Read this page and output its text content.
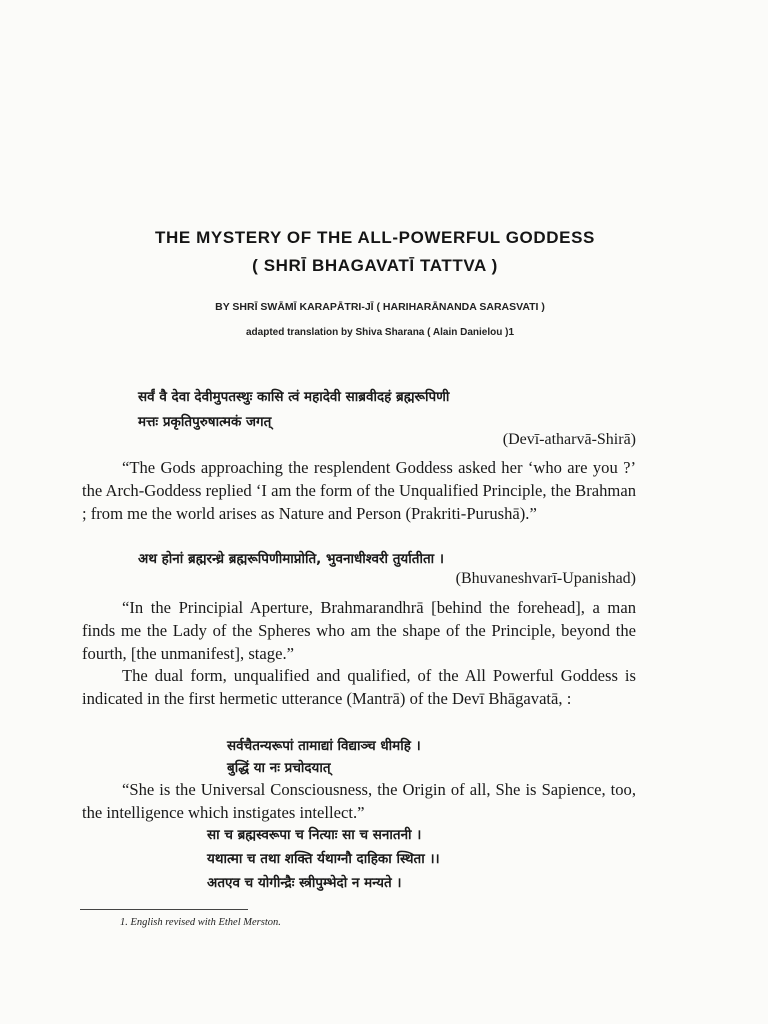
THE MYSTERY OF THE ALL-POWERFUL GODDESS
( SHRĪ BHAGAVATĪ TATTVA )
BY SHRĪ SWĀMĪ KARAPĀTRI-JĪ ( HARIHARĀNANDA SARASVATI )
adapted translation by Shiva Sharana ( Alain Danielou )1
सर्वं वै देवा देवीमुपतस्थुः कासि त्वं महादेवी साब्रवीदहं ब्रह्मरूपिणी
मत्तः प्रकृतिपुरुषात्मकं जगत्
(Devī-atharvā-Shirā)
“The Gods approaching the resplendent Goddess asked her ‘who are you ?’ the Arch-Goddess replied ‘I am the form of the Unqualified Principle, the Brahman ; from me the world arises as Nature and Person (Prakriti-Purushā).”
अथ होनां ब्रह्मरन्ध्रे ब्रह्मरूपिणीमाप्नोति, भुवनाधीश्वरी तुर्यातीता ।
(Bhuvaneshvarī-Upanishad)
“In the Principial Aperture, Brahmarandhrā [behind the forehead], a man finds me the Lady of the Spheres who am the shape of the Principle, beyond the fourth, [the unmanifest], stage.”
The dual form, unqualified and qualified, of the All Powerful Goddess is indicated in the first hermetic utterance (Mantrā) of the Devī Bhāgavatā, :
सर्वचैतन्यरूपां तामाद्यां विद्याञ्च धीमहि ।
बुद्धिं या नः प्रचोदयात्
“She is the Universal Consciousness, the Origin of all, She is Sapience, too, the intelligence which instigates intellect.”
सा च ब्रह्मस्वरूपा च नित्याः सा च सनातनी ।
यथात्मा च तथा शक्ति र्यथाग्नौ दाहिका स्थिता ।।
अतएव च योगीन्द्रैः स्त्रीपुम्भेदो न मन्यते ।
1. English revised with Ethel Merston.
